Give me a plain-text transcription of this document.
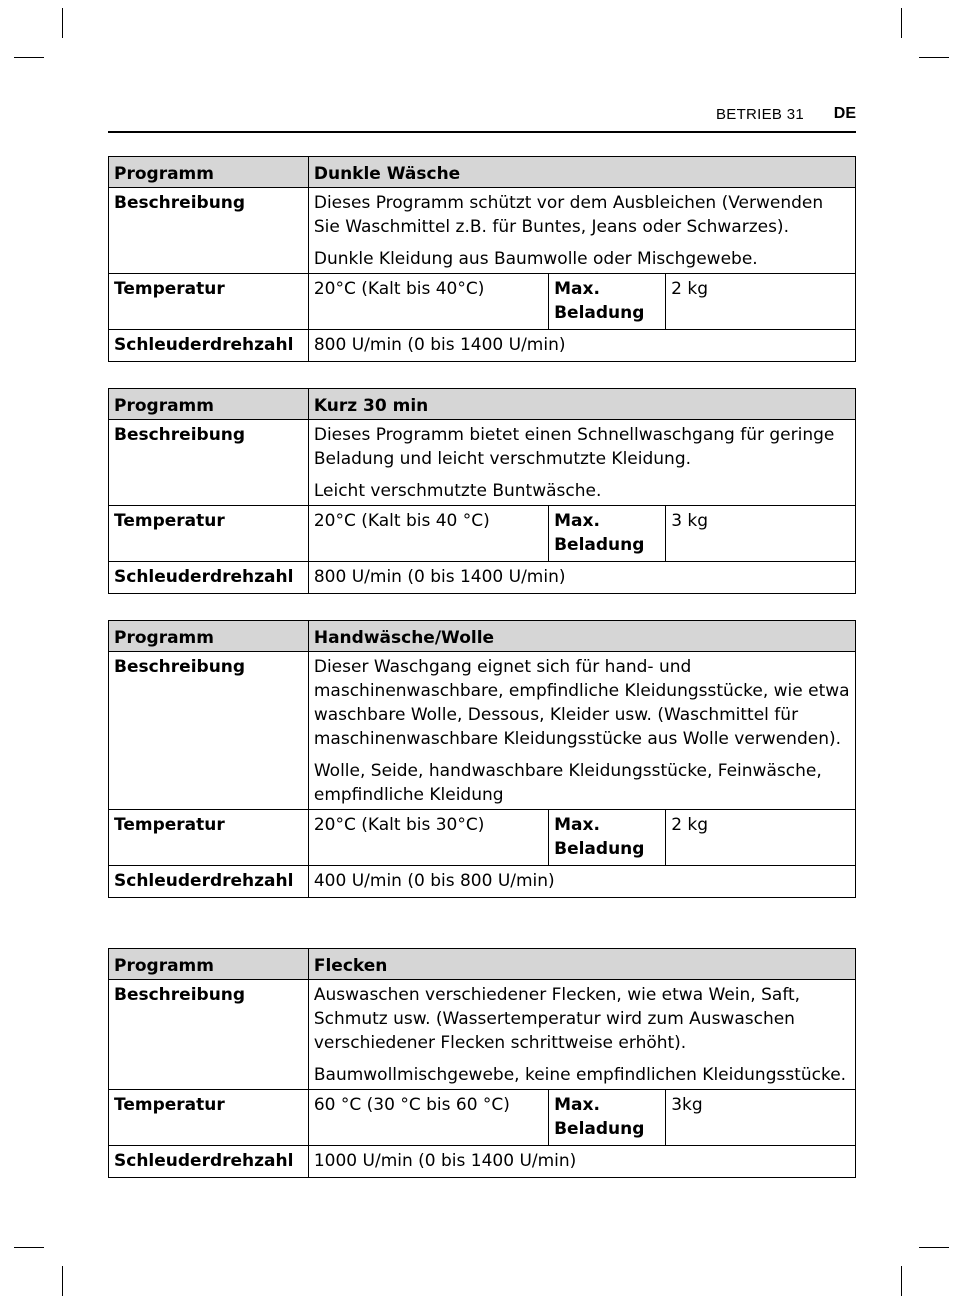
BETRIEB 31 DE
Programm	Dunkle Wäsche		
Beschreibung	Dieses Programm schützt vor dem Ausbleichen (Verwenden Sie Waschmittel z.B. für Buntes, Jeans oder Schwarzes).

Dunkle Kleidung aus Baumwolle oder Mischgewebe.		

Temperatur	20°C (Kalt bis 40°C)	Max. Beladung	2 kg
Schleuderdrehzahl	800 U/min (0 bis 1400 U/min)		
Programm	Kurz 30 min		
Beschreibung	Dieses Programm bietet einen Schnellwaschgang für geringe Beladung und leicht verschmutzte Kleidung.

Leicht verschmutzte Buntwäsche.		

Temperatur	20°C (Kalt bis 40 °C)	Max. Beladung	3 kg
Schleuderdrehzahl	800 U/min (0 bis 1400 U/min)		
Programm	Handwäsche/Wolle		
Beschreibung	Dieser Waschgang eignet sich für hand- und maschinenwaschbare, empfindliche Kleidungsstücke, wie etwa waschbare Wolle, Dessous, Kleider usw. (Waschmittel für maschinenwaschbare Kleidungsstücke aus Wolle verwenden).

Wolle, Seide, handwaschbare Kleidungsstücke, Feinwäsche, empfindliche Kleidung		

Temperatur	20°C (Kalt bis 30°C)	Max. Beladung	2 kg
Schleuderdrehzahl	400 U/min (0 bis 800 U/min)		
Programm	Flecken		
Beschreibung	Auswaschen verschiedener Flecken, wie etwa Wein, Saft, Schmutz usw. (Wassertemperatur wird zum Auswaschen verschiedener Flecken schrittweise erhöht).

Baumwollmischgewebe, keine empfindlichen Kleidungsstücke.		

Temperatur	60 °C (30 °C bis 60 °C)	Max. Beladung	3kg
Schleuderdrehzahl	1000 U/min (0 bis 1400 U/min)		
